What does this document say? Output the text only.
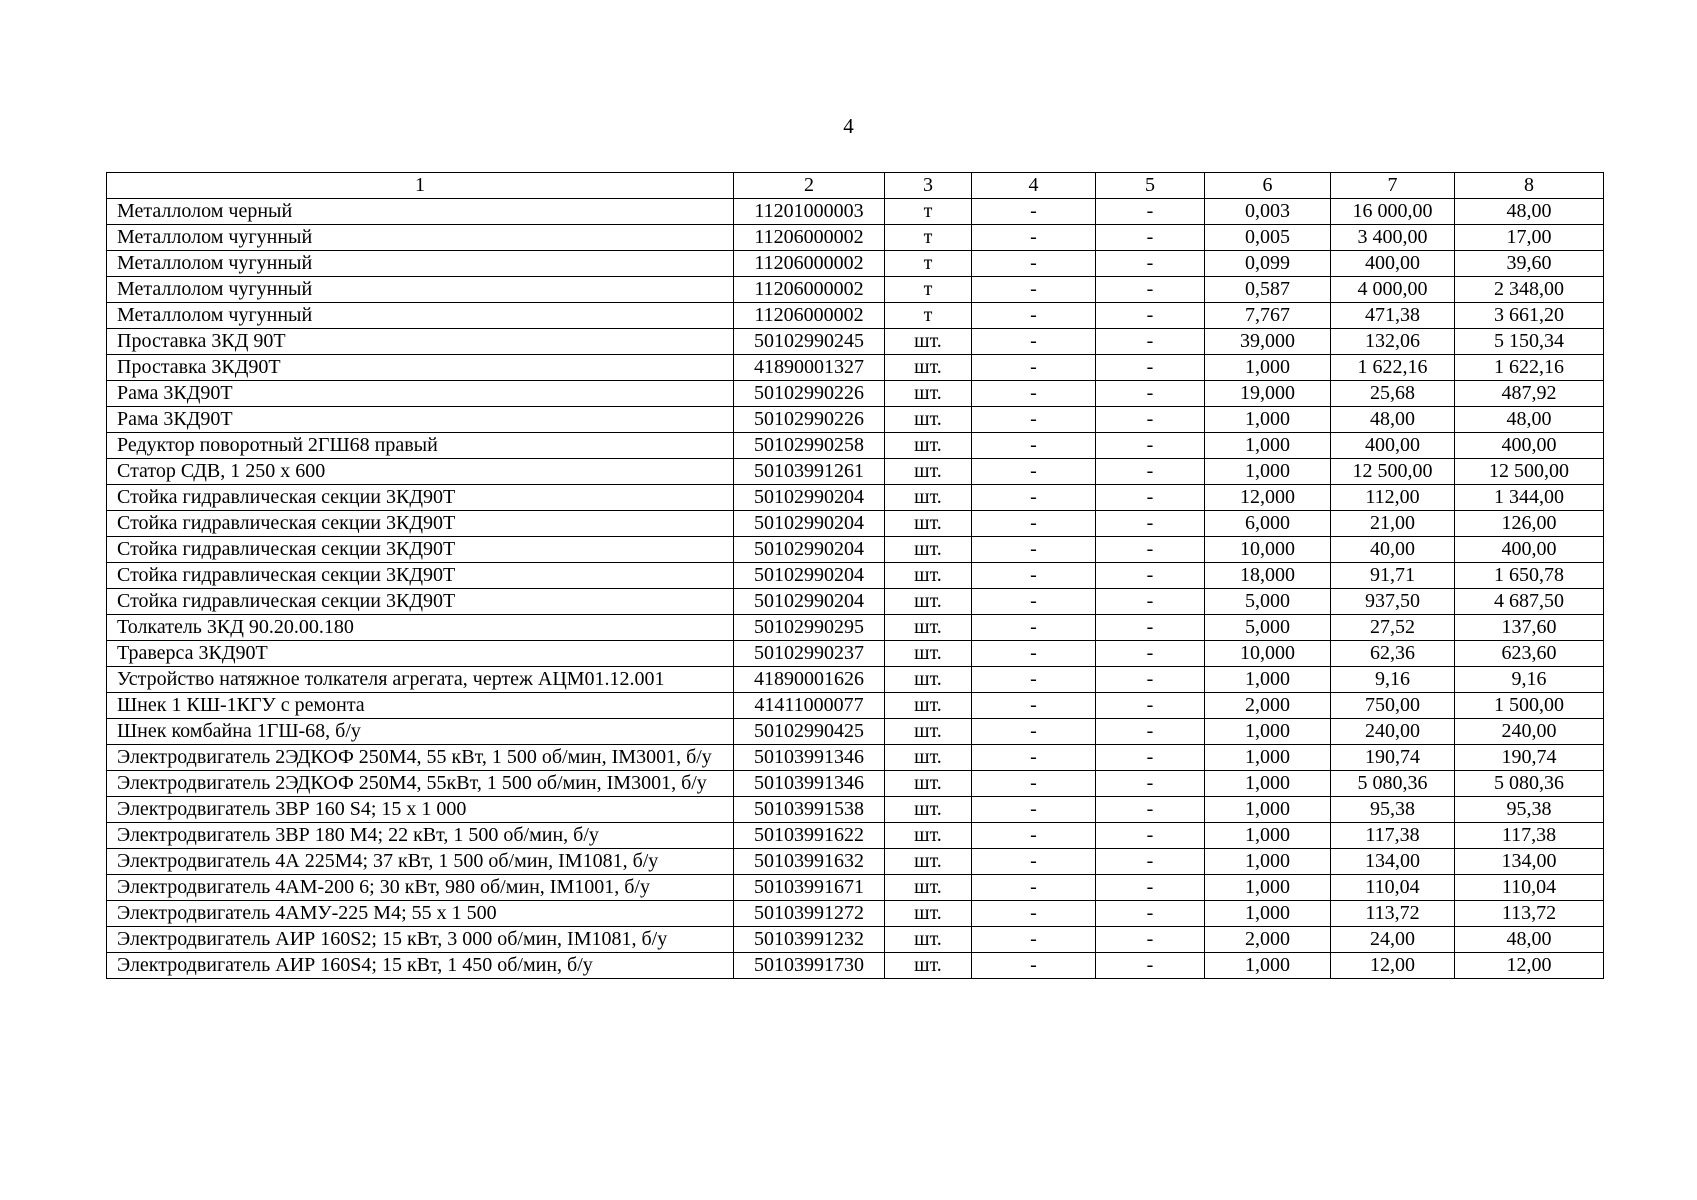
4
1	2	3	4	5	6	7	8
Металлолом черный	11201000003	т	-	-	0,003	16 000,00	48,00
Металлолом чугунный	11206000002	т	-	-	0,005	3 400,00	17,00
Металлолом чугунный	11206000002	т	-	-	0,099	400,00	39,60
Металлолом чугунный	11206000002	т	-	-	0,587	4 000,00	2 348,00
Металлолом чугунный	11206000002	т	-	-	7,767	471,38	3 661,20
Проставка 3КД 90Т	50102990245	шт.	-	-	39,000	132,06	5 150,34
Проставка 3КД90Т	41890001327	шт.	-	-	1,000	1 622,16	1 622,16
Рама 3КД90Т	50102990226	шт.	-	-	19,000	25,68	487,92
Рама 3КД90Т	50102990226	шт.	-	-	1,000	48,00	48,00
Редуктор поворотный 2ГШ68 правый	50102990258	шт.	-	-	1,000	400,00	400,00
Статор СДВ, 1 250 х 600	50103991261	шт.	-	-	1,000	12 500,00	12 500,00
Стойка гидравлическая секции 3КД90Т	50102990204	шт.	-	-	12,000	112,00	1 344,00
Стойка гидравлическая секции 3КД90Т	50102990204	шт.	-	-	6,000	21,00	126,00
Стойка гидравлическая секции 3КД90Т	50102990204	шт.	-	-	10,000	40,00	400,00
Стойка гидравлическая секции 3КД90Т	50102990204	шт.	-	-	18,000	91,71	1 650,78
Стойка гидравлическая секции 3КД90Т	50102990204	шт.	-	-	5,000	937,50	4 687,50
Толкатель 3КД 90.20.00.180	50102990295	шт.	-	-	5,000	27,52	137,60
Траверса 3КД90Т	50102990237	шт.	-	-	10,000	62,36	623,60
Устройство натяжное толкателя агрегата, чертеж АЦМ01.12.001	41890001626	шт.	-	-	1,000	9,16	9,16
Шнек 1 КШ-1КГУ с ремонта	41411000077	шт.	-	-	2,000	750,00	1 500,00
Шнек комбайна 1ГШ-68, б/у	50102990425	шт.	-	-	1,000	240,00	240,00
Электродвигатель 2ЭДКОФ 250М4, 55 кВт, 1 500 об/мин, IM3001, б/у	50103991346	шт.	-	-	1,000	190,74	190,74
Электродвигатель 2ЭДКОФ 250М4, 55кВт, 1 500 об/мин, IM3001, б/у	50103991346	шт.	-	-	1,000	5 080,36	5 080,36
Электродвигатель 3ВР 160 S4; 15 х 1 000	50103991538	шт.	-	-	1,000	95,38	95,38
Электродвигатель 3ВР 180 М4; 22 кВт, 1 500 об/мин, б/у	50103991622	шт.	-	-	1,000	117,38	117,38
Электродвигатель 4А 225М4; 37 кВт, 1 500 об/мин, IM1081, б/у	50103991632	шт.	-	-	1,000	134,00	134,00
Электродвигатель 4АМ-200 6; 30 кВт, 980 об/мин, IM1001, б/у	50103991671	шт.	-	-	1,000	110,04	110,04
Электродвигатель 4АМУ-225 М4; 55 х 1 500	50103991272	шт.	-	-	1,000	113,72	113,72
Электродвигатель АИР 160S2; 15 кВт, 3 000 об/мин, IM1081, б/у	50103991232	шт.	-	-	2,000	24,00	48,00
Электродвигатель АИР 160S4; 15 кВт, 1 450 об/мин, б/у	50103991730	шт.	-	-	1,000	12,00	12,00
